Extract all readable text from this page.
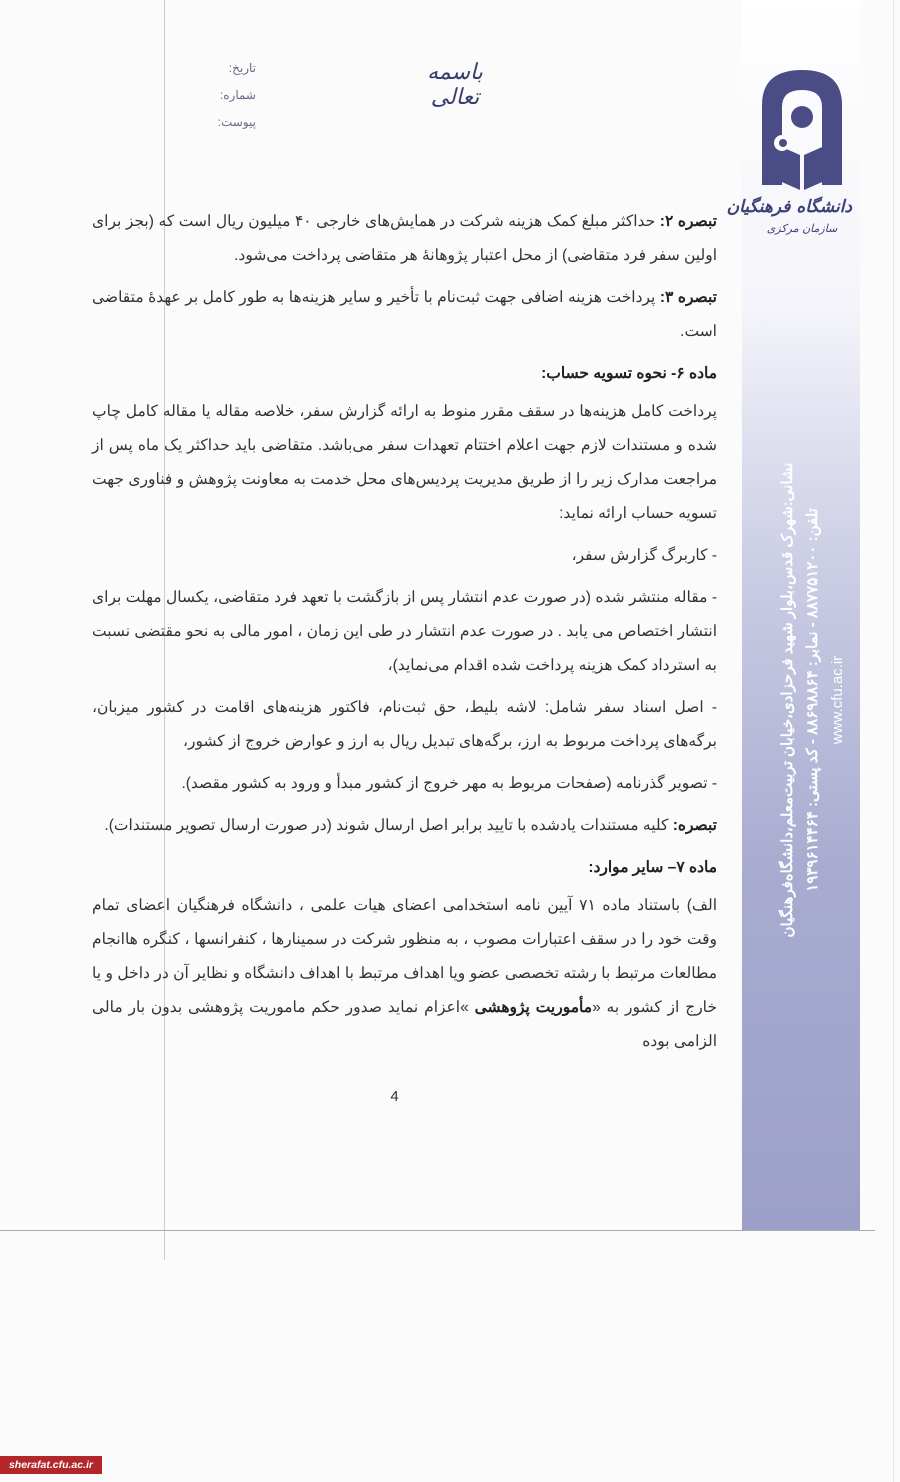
دانشگاه فرهنگیان
سازمان مرکزی
نشانی:شهرک قدس،بلوار شهید فرحزادی،خیابان تربیت‌معلم،دانشگاه‌فرهنگیان تلفن: ۸۸۷۷۵۱۲۰۰ - نمابر: ۸۸۶۹۸۸۶۴ - کد پستی: ۱۹۳۹۶۱۴۴۶۴
www.cfu.ac.ir
تاریخ:
شماره:
پیوست:
باسمه تعالی

تبصره ۲: حداکثر مبلغ کمک هزینه شرکت در همایش‌های خارجی ۴۰ میلیون ریال است که (بجز برای اولین سفر فرد متقاضی) از محل اعتبار پژوهانهٔ هر متقاضی پرداخت می‌شود.

تبصره ۳: پرداخت هزینه اضافی جهت ثبت‌نام با تأخیر و سایر هزینه‌ها به طور کامل بر عهدهٔ متقاضی است.

ماده ۶- نحوه تسویه حساب:
پرداخت کامل هزینه‌ها در سقف مقرر منوط به ارائه گزارش سفر، خلاصه مقاله یا مقاله کامل چاپ شده و مستندات لازم جهت اعلام اختتام تعهدات سفر می‌باشد. متقاضی باید حداکثر یک ماه پس از مراجعت مدارک زیر را از طریق مدیریت پردیس‌های محل خدمت به معاونت پژوهش و فناوری جهت تسویه حساب ارائه نماید:
- کاربرگ گزارش سفر،
- مقاله منتشر شده (در صورت عدم انتشار پس از بازگشت با تعهد فرد متقاضی، یکسال مهلت برای انتشار اختصاص می یابد . در صورت عدم انتشار در طی این زمان ، امور مالی به نحو مقتضی نسبت به استرداد کمک هزینه پرداخت شده اقدام می‌نماید)،
- اصل اسناد سفر شامل: لاشه بلیط، حق ثبت‌نام، فاکتور هزینه‌های اقامت در کشور میزبان، برگه‌های پرداخت مربوط به ارز، برگه‌های تبدیل ریال به ارز و عوارض خروج از کشور،
- تصویر گذرنامه (صفحات مربوط به مهر خروج از کشور مبدأ و ورود به کشور مقصد).

تبصره: کلیه مستندات یادشده با تایید برابر اصل ارسال شوند (در صورت ارسال تصویر مستندات).

ماده ۷– سایر موارد:

الف) باستناد ماده ۷۱ آیین نامه استخدامی اعضای هیات علمی ، دانشگاه فرهنگیان اعضای تمام وقت خود را در سقف اعتبارات مصوب ، به منظور شرکت در سمینارها ، کنفرانسها ، کنگره هاانجام مطالعات مرتبط با رشته تخصصی عضو ویا اهداف مرتبط با اهداف دانشگاه و نظایر آن در داخل و یا خارج از کشور به «مأموریت پژوهشی »اعزام نماید صدور حکم ماموریت پژوهشی بدون بار مالی الزامی بوده

4
sherafat.cfu.ac.ir
